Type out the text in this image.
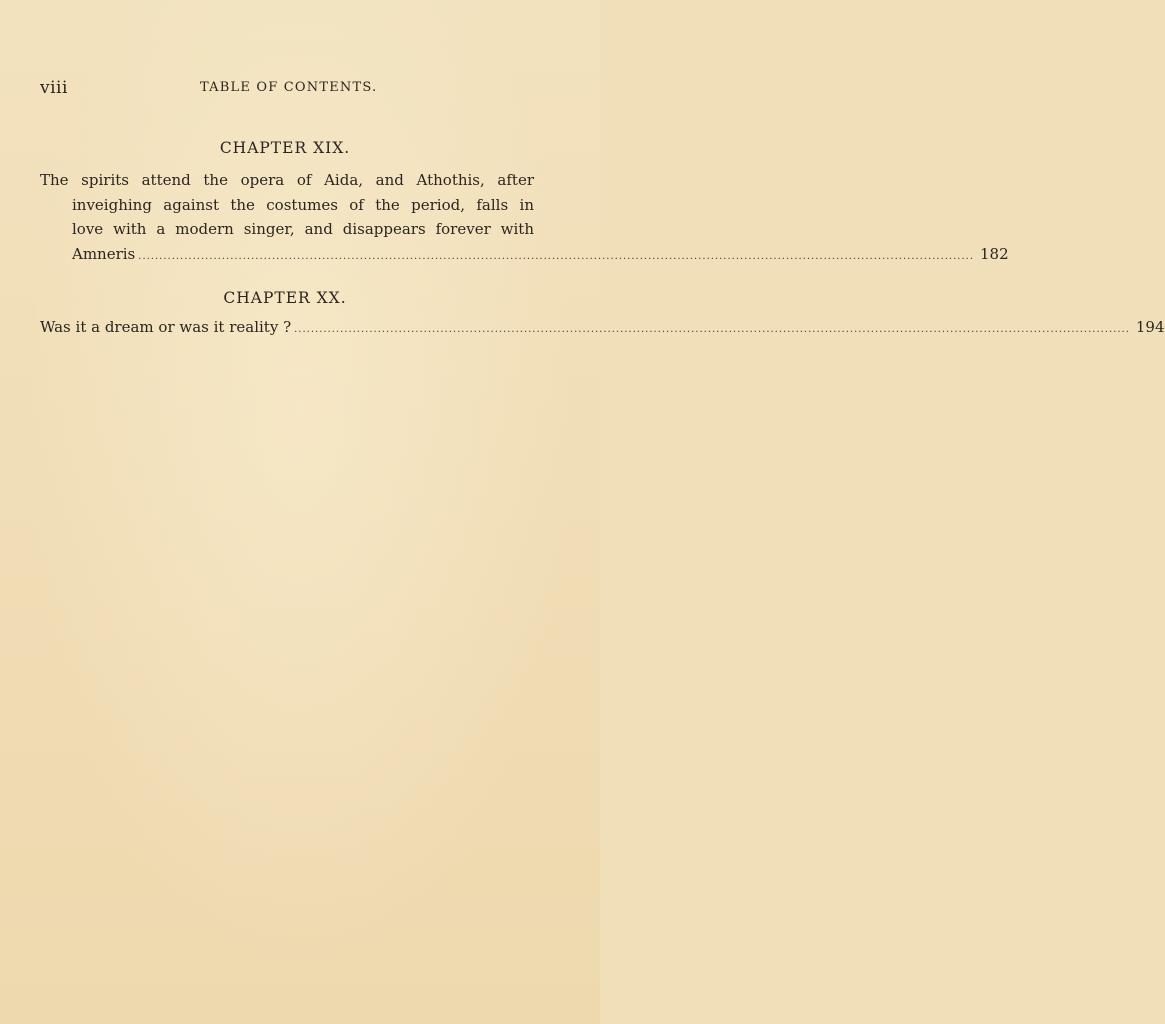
viii	TABLE OF CONTENTS.
CHAPTER XIX.
The spirits attend the opera of Aida, and Athothis, after
inveighing against the costumes of the period, falls in
love with a modern singer, and disappears forever with
Amneris ........................................................................................................................................................................................................ 182
CHAPTER XX.
Was it a dream or was it reality ? ........................................................................................................................................................................................................ 194
